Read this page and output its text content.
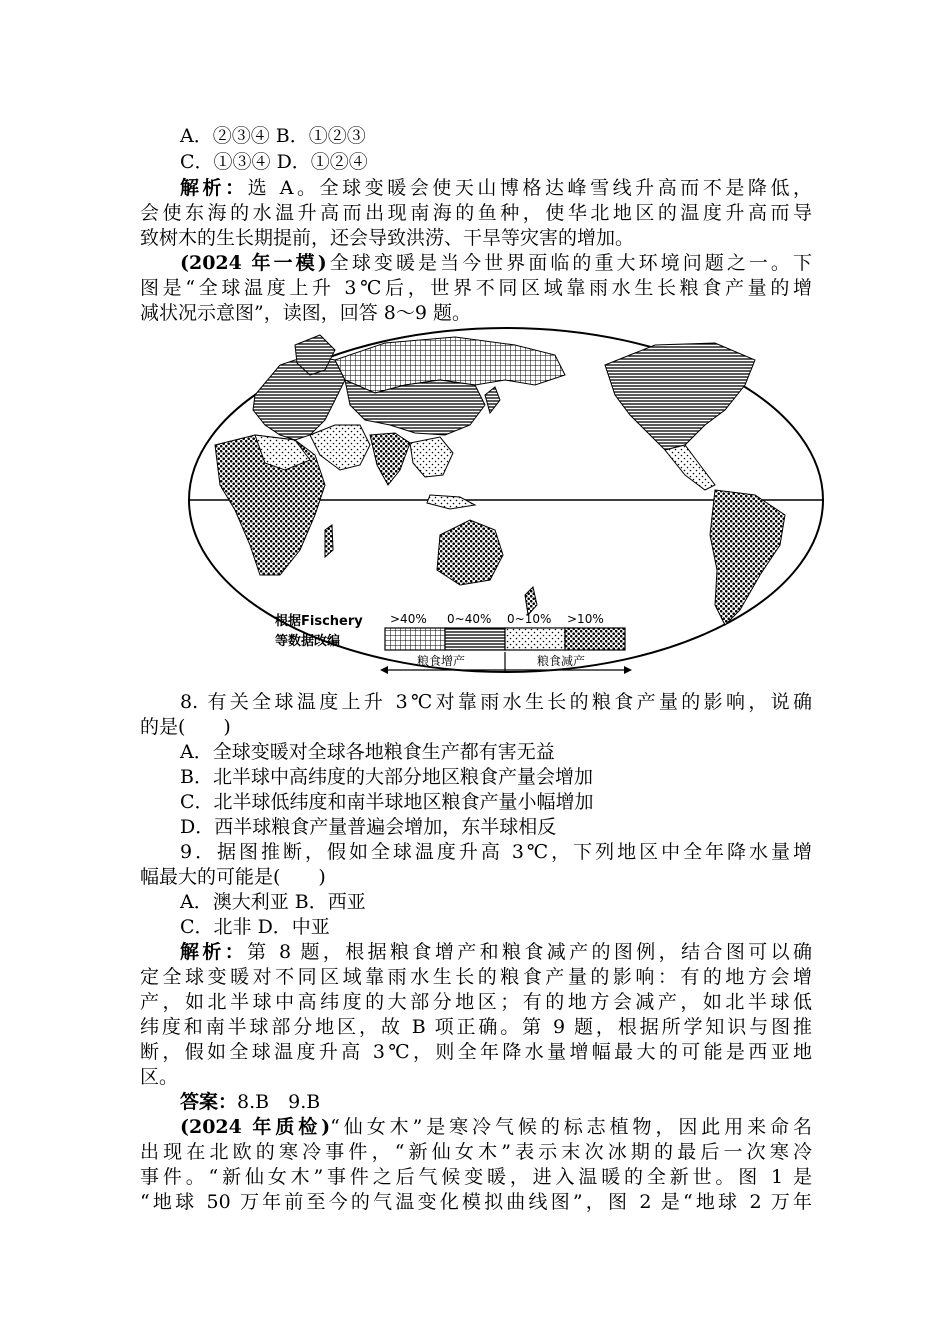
A．②③④ B．①②③
C．①③④ D．①②④
解析：选 A。全球变暖会使天山博格达峰雪线升高而不是降低，
会使东海的水温升高而出现南海的鱼种，使华北地区的温度升高而导
致树木的生长期提前，还会导致洪涝、干旱等灾害的增加。
(2024 年一模)全球变暖是当今世界面临的重大环境问题之一。下
图是“全球温度上升 3℃后，世界不同区域靠雨水生长粮食产量的增
减状况示意图”，读图，回答 8～9 题。
根据Fischery
等数据改编
>40% 0~40% 0~10% >10%
粮食增产	粮食减产
8. 有关全球温度上升 3℃对靠雨水生长的粮食产量的影响，说确
的是(　　)
A．全球变暖对全球各地粮食生产都有害无益
B．北半球中高纬度的大部分地区粮食产量会增加
C．北半球低纬度和南半球地区粮食产量小幅增加
D．西半球粮食产量普遍会增加，东半球相反
9．据图推断，假如全球温度升高 3℃，下列地区中全年降水量增
幅最大的可能是(　　)
A．澳大利亚 B．西亚
C．北非 D．中亚
解析：第 8 题，根据粮食增产和粮食减产的图例，结合图可以确
定全球变暖对不同区域靠雨水生长的粮食产量的影响：有的地方会增
产，如北半球中高纬度的大部分地区；有的地方会减产，如北半球低
纬度和南半球部分地区，故 B 项正确。第 9 题，根据所学知识与图推
断，假如全球温度升高 3℃，则全年降水量增幅最大的可能是西亚地
区。
答案：8.B　9.B
(2024 年质检)“仙女木”是寒冷气候的标志植物，因此用来命名
出现在北欧的寒冷事件，“新仙女木”表示末次冰期的最后一次寒冷
事件。“新仙女木”事件之后气候变暖，进入温暖的全新世。图 1 是
“地球 50 万年前至今的气温变化模拟曲线图”，图 2 是“地球 2 万年
